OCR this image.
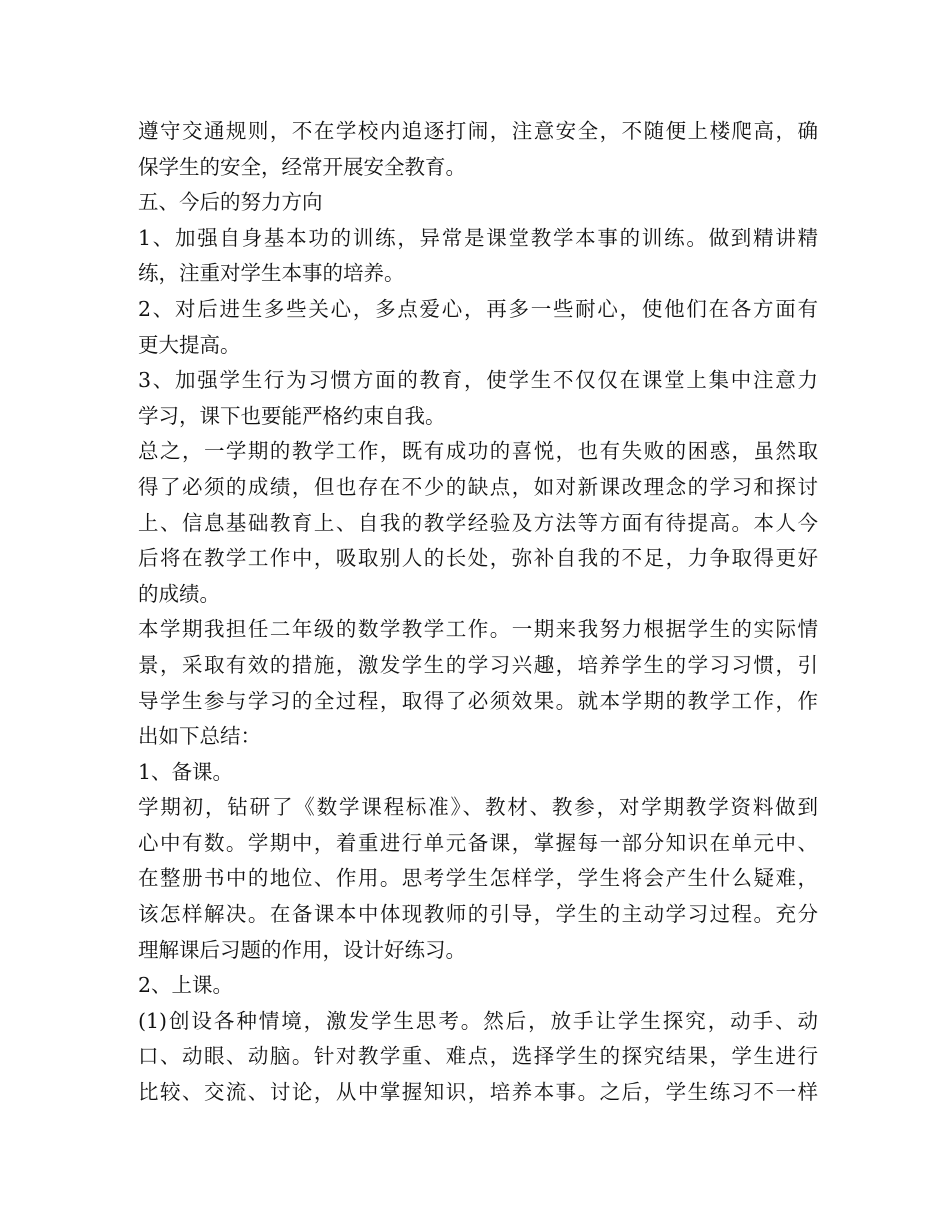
遵守交通规则，不在学校内追逐打闹，注意安全，不随便上楼爬高，确
保学生的安全，经常开展安全教育。
五、今后的努力方向
1、加强自身基本功的训练，异常是课堂教学本事的训练。做到精讲精
练，注重对学生本事的培养。
2、对后进生多些关心，多点爱心，再多一些耐心，使他们在各方面有
更大提高。
3、加强学生行为习惯方面的教育，使学生不仅仅在课堂上集中注意力
学习，课下也要能严格约束自我。
总之，一学期的教学工作，既有成功的喜悦，也有失败的困惑，虽然取
得了必须的成绩，但也存在不少的缺点，如对新课改理念的学习和探讨
上、信息基础教育上、自我的教学经验及方法等方面有待提高。本人今
后将在教学工作中，吸取别人的长处，弥补自我的不足，力争取得更好
的成绩。
本学期我担任二年级的数学教学工作。一期来我努力根据学生的实际情
景，采取有效的措施，激发学生的学习兴趣，培养学生的学习习惯，引
导学生参与学习的全过程，取得了必须效果。就本学期的教学工作，作
出如下总结：
1、备课。
学期初，钻研了《数学课程标准》、教材、教参，对学期教学资料做到
心中有数。学期中，着重进行单元备课，掌握每一部分知识在单元中、
在整册书中的地位、作用。思考学生怎样学，学生将会产生什么疑难，
该怎样解决。在备课本中体现教师的引导，学生的主动学习过程。充分
理解课后习题的作用，设计好练习。
2、上课。
(1)创设各种情境，激发学生思考。然后，放手让学生探究，动手、动
口、动眼、动脑。针对教学重、难点，选择学生的探究结果，学生进行
比较、交流、讨论，从中掌握知识，培养本事。之后，学生练习不一样
